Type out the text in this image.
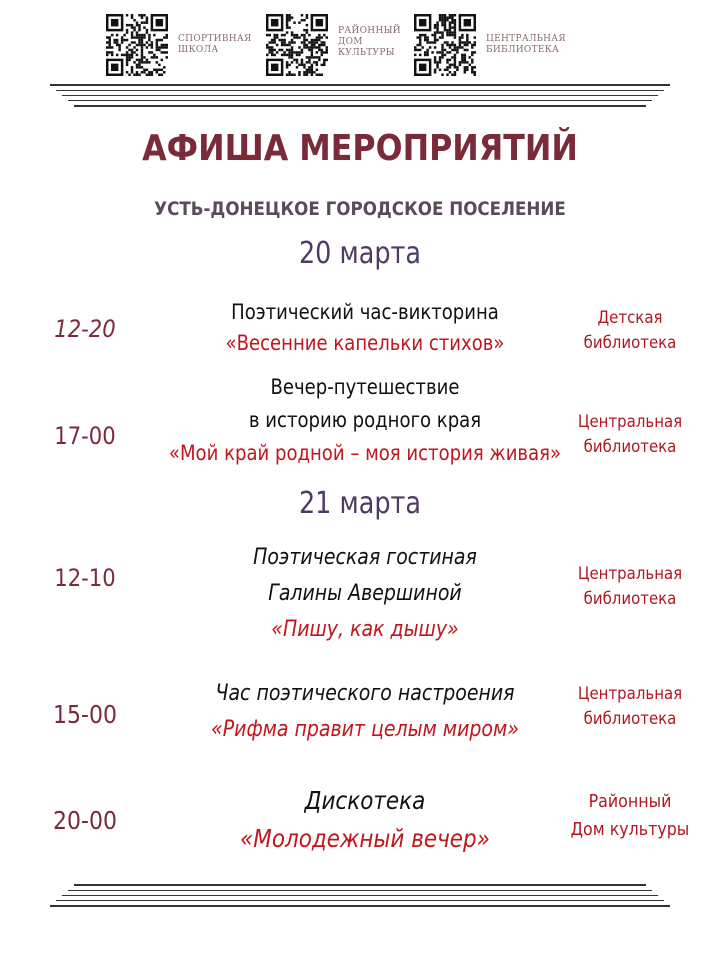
СПОРТИВНАЯ
ШКОЛА
РАЙОННЫЙ
ДОМ
КУЛЬТУРЫ
ЦЕНТРАЛЬНАЯ
БИБЛИОТЕКА
АФИША МЕРОПРИЯТИЙ
УСТЬ-ДОНЕЦКОЕ ГОРОДСКОЕ ПОСЕЛЕНИЕ
20 марта
12-20
Поэтический час-викторина
«Весенние капельки стихов»
Детская
библиотека
17-00
Вечер-путешествие
в историю родного края
«Мой край родной – моя история живая»
Центральная
библиотека
21 марта
12-10
Поэтическая гостиная
Галины Авершиной
«Пишу, как дышу»
Центральная
библиотека
15-00
Час поэтического настроения
«Рифма правит целым миром»
Центральная
библиотека
20-00
Дискотека
«Молодежный вечер»
Районный
Дом культуры
